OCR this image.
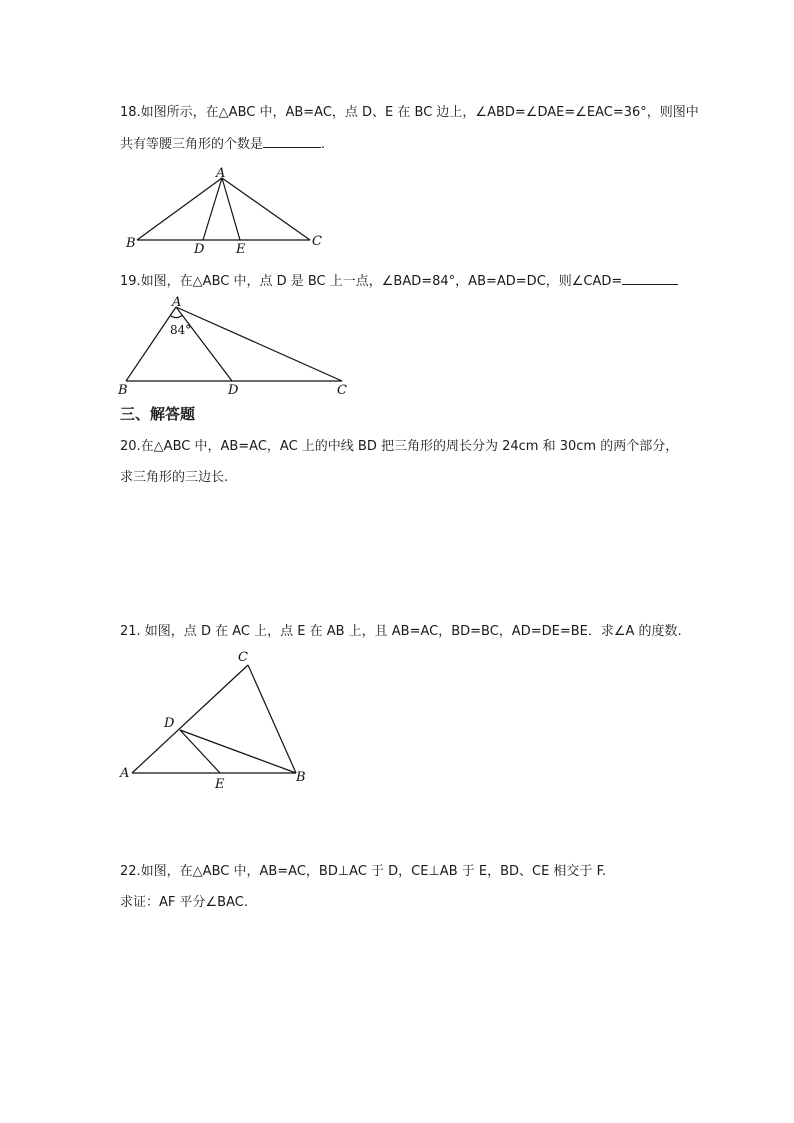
18.如图所示，在△ABC 中，AB=AC，点 D、E 在 BC 边上，∠ABD=∠DAE=∠EAC=36°，则图中
共有等腰三角形的个数是	.
A
B	C
D E
19.如图，在△ABC 中，点 D 是 BC 上一点，∠BAD=84°，AB=AD=DC，则∠CAD=
A
B	C
D
84°
三、解答题
20.在△ABC 中，AB=AC，AC 上的中线 BD 把三角形的周长分为 24cm 和 30cm 的两个部分，
求三角形的三边长.
21. 如图，点 D 在 AC 上，点 E 在 AB 上，且 AB=AC，BD=BC，AD=DE=BE．求∠A 的度数.
C
D
A	B
E
22.如图，在△ABC 中，AB=AC，BD⊥AC 于 D，CE⊥AB 于 E，BD、CE 相交于 F.
求证：AF 平分∠BAC.
